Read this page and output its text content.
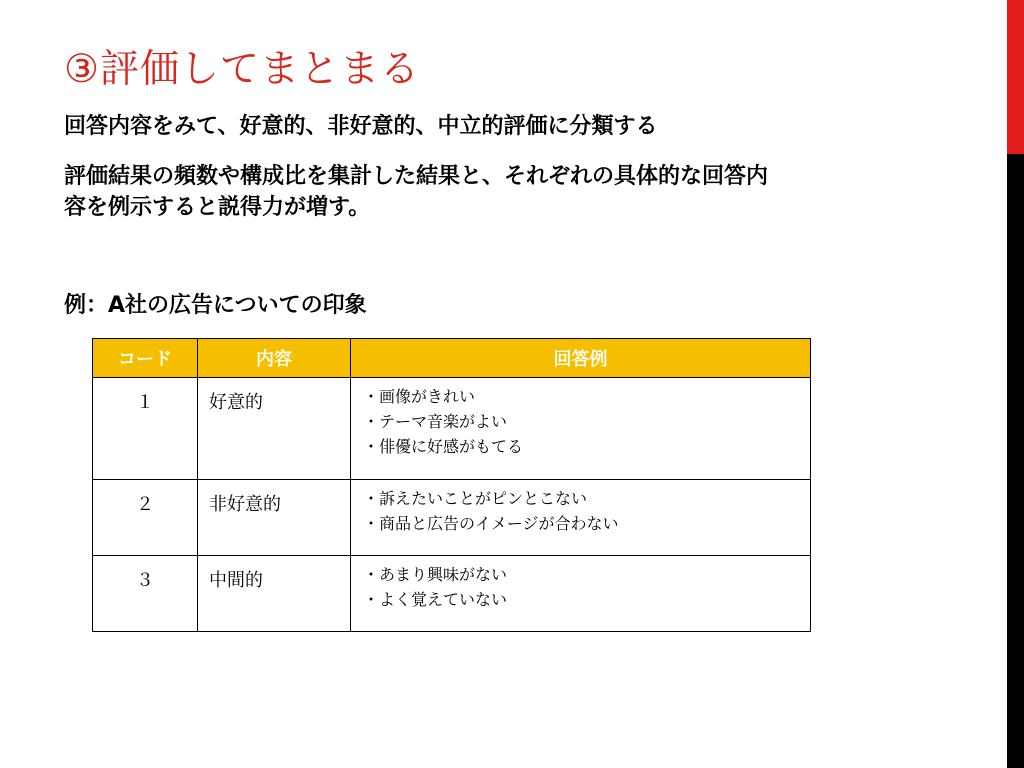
③評価してまとまる
回答内容をみて、好意的、非好意的、中立的評価に分類する
評価結果の頻数や構成比を集計した結果と、それぞれの具体的な回答内
容を例示すると説得力が増す。
例：A社の広告についての印象
コード	内容	回答例
１	好意的	・画像がきれい
・テーマ音楽がよい
・俳優に好感がもてる

２	非好意的	・訴えたいことがピンとこない
・商品と広告のイメージが合わない

３	中間的	・あまり興味がない
・よく覚えていない
